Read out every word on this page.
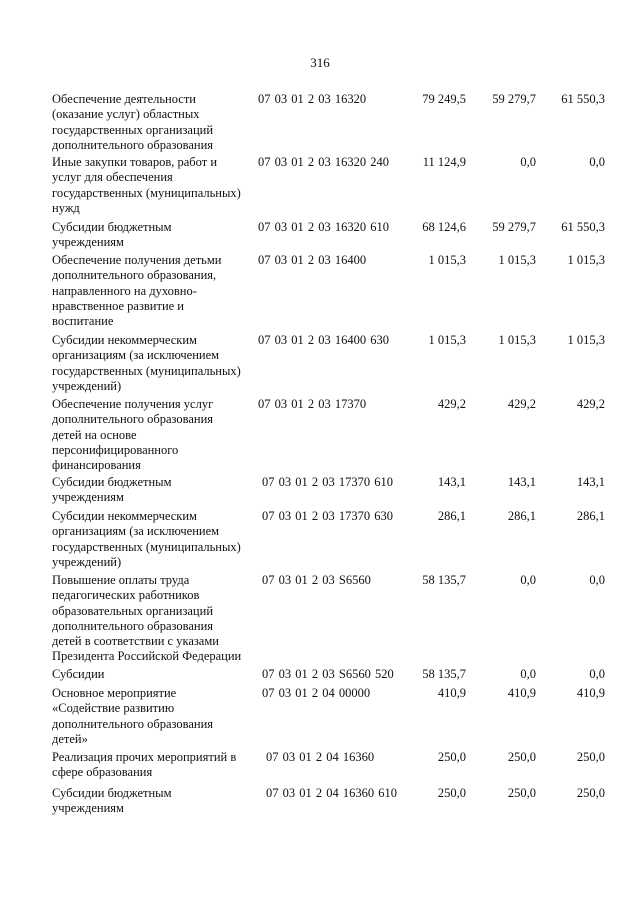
316
Обеспечение деятельности
(оказание услуг) областных
государственных организаций
дополнительного образования
07 03 01 2 03 16320	79 249,5	59 279,7	61 550,3
Иные закупки товаров, работ и
услуг для обеспечения
государственных (муниципальных)
нужд
07 03 01 2 03 16320 240	11 124,9	0,0	0,0
Субсидии бюджетным
учреждениям
07 03 01 2 03 16320 610	68 124,6	59 279,7	61 550,3
Обеспечение получения детьми
дополнительного образования,
направленного на духовно-
нравственное развитие и
воспитание
07 03 01 2 03 16400	1 015,3	1 015,3	1 015,3
Субсидии некоммерческим
организациям (за исключением
государственных (муниципальных)
учреждений)
07 03 01 2 03 16400 630	1 015,3	1 015,3	1 015,3
Обеспечение получения услуг
дополнительного образования
детей на основе
персонифицированного
финансирования
07 03 01 2 03 17370	429,2	429,2	429,2
Субсидии бюджетным
учреждениям
07 03 01 2 03 17370 610	143,1	143,1	143,1
Субсидии некоммерческим
организациям (за исключением
государственных (муниципальных)
учреждений)
07 03 01 2 03 17370 630	286,1	286,1	286,1
Повышение оплаты труда
педагогических работников
образовательных организаций
дополнительного образования
детей в соответствии с указами
Президента Российской Федерации
07 03 01 2 03 S6560	58 135,7	0,0	0,0
Субсидии	07 03 01 2 03 S6560 520	58 135,7	0,0	0,0
Основное мероприятие
«Содействие развитию
дополнительного образования
детей»
07 03 01 2 04 00000	410,9	410,9	410,9
Реализация прочих мероприятий в
сфере образования
07 03 01 2 04 16360	250,0	250,0	250,0
Субсидии бюджетным
учреждениям
07 03 01 2 04 16360 610	250,0	250,0	250,0
